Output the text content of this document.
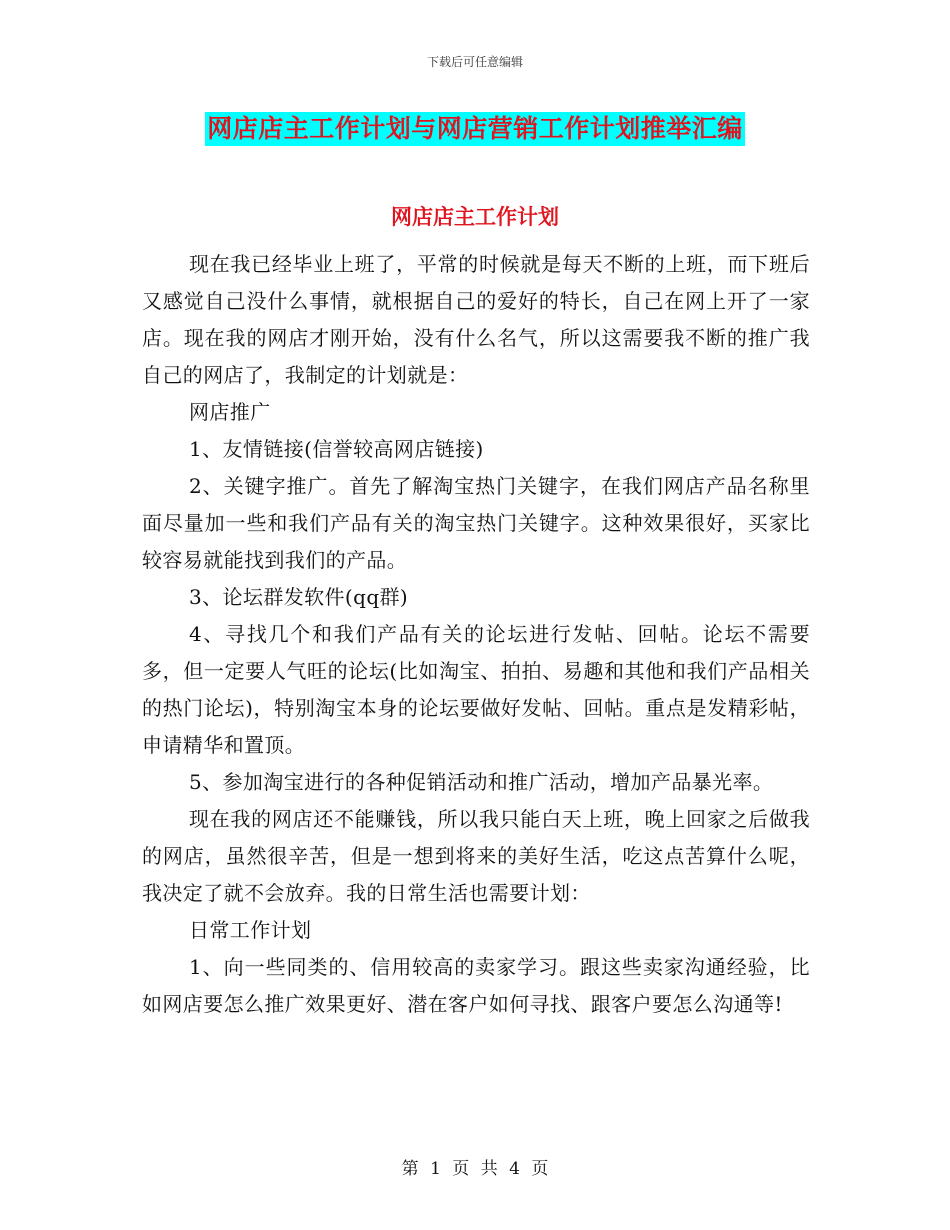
下载后可任意编辑
网店店主工作计划与网店营销工作计划推举汇编
网店店主工作计划

现在我已经毕业上班了，平常的时候就是每天不断的上班，而下班后又感觉自己没什么事情，就根据自己的爱好的特长，自己在网上开了一家店。现在我的网店才刚开始，没有什么名气，所以这需要我不断的推广我自己的网店了，我制定的计划就是：

网店推广

1、友情链接(信誉较高网店链接)

2、关键字推广。首先了解淘宝热门关键字，在我们网店产品名称里面尽量加一些和我们产品有关的淘宝热门关键字。这种效果很好，买家比较容易就能找到我们的产品。

3、论坛群发软件(qq群)

4、寻找几个和我们产品有关的论坛进行发帖、回帖。论坛不需要多，但一定要人气旺的论坛(比如淘宝、拍拍、易趣和其他和我们产品相关的热门论坛)，特别淘宝本身的论坛要做好发帖、回帖。重点是发精彩帖，申请精华和置顶。

5、参加淘宝进行的各种促销活动和推广活动，增加产品暴光率。

现在我的网店还不能赚钱，所以我只能白天上班，晚上回家之后做我的网店，虽然很辛苦，但是一想到将来的美好生活，吃这点苦算什么呢，我决定了就不会放弃。我的日常生活也需要计划：

日常工作计划

1、向一些同类的、信用较高的卖家学习。跟这些卖家沟通经验，比如网店要怎么推广效果更好、潜在客户如何寻找、跟客户要怎么沟通等!

第 1 页 共 4 页
